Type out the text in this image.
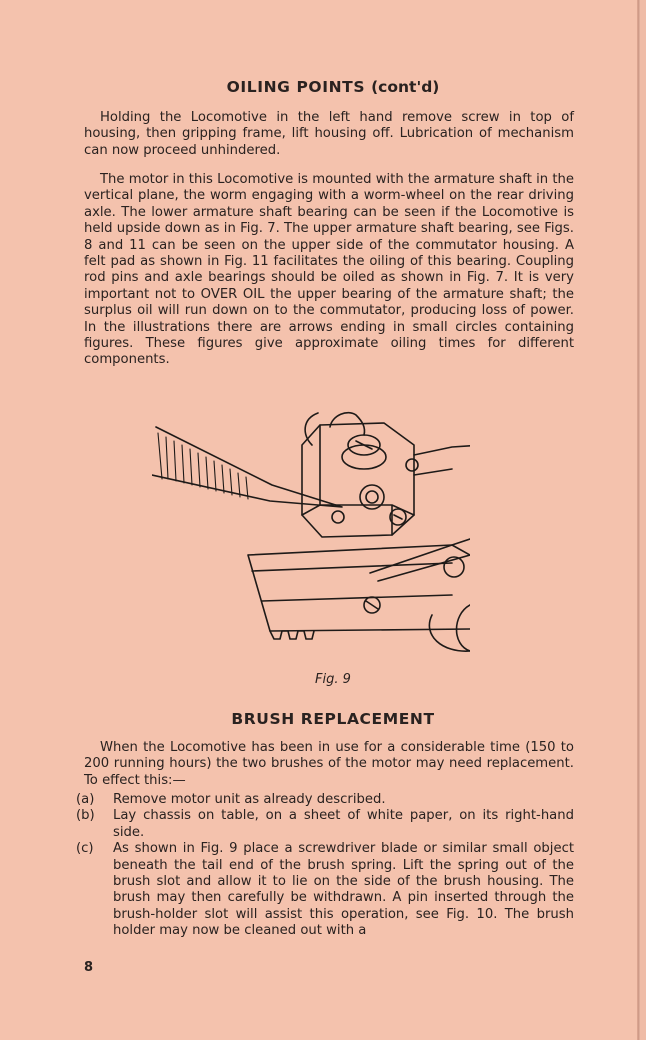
OILING POINTS (cont'd)

Holding the Locomotive in the left hand remove screw in top of housing, then gripping frame, lift housing off. Lubrication of mechanism can now proceed unhindered.

The motor in this Locomotive is mounted with the armature shaft in the vertical plane, the worm engaging with a worm-wheel on the rear driving axle. The lower armature shaft bearing can be seen if the Locomotive is held upside down as in Fig. 7. The upper armature shaft bearing, see Figs. 8 and 11 can be seen on the upper side of the commutator housing. A felt pad as shown in Fig. 11 facilitates the oiling of this bearing. Coupling rod pins and axle bearings should be oiled as shown in Fig. 7. It is very important not to OVER OIL the upper bearing of the armature shaft; the surplus oil will run down on to the commutator, producing loss of power. In the illustrations there are arrows ending in small circles containing figures. These figures give approximate oiling times for different components.

Fig. 9
BRUSH REPLACEMENT

When the Locomotive has been in use for a considerable time (150 to 200 running hours) the two brushes of the motor may need replacement. To effect this:—

(a) Remove motor unit as already described.
(b) Lay chassis on table, on a sheet of white paper, on its right-hand side.
(c) As shown in Fig. 9 place a screwdriver blade or similar small object beneath the tail end of the brush spring. Lift the spring out of the brush slot and allow it to lie on the side of the brush housing. The brush may then carefully be withdrawn. A pin inserted through the brush-holder slot will assist this operation, see Fig. 10. The brush holder may now be cleaned out with a
8
